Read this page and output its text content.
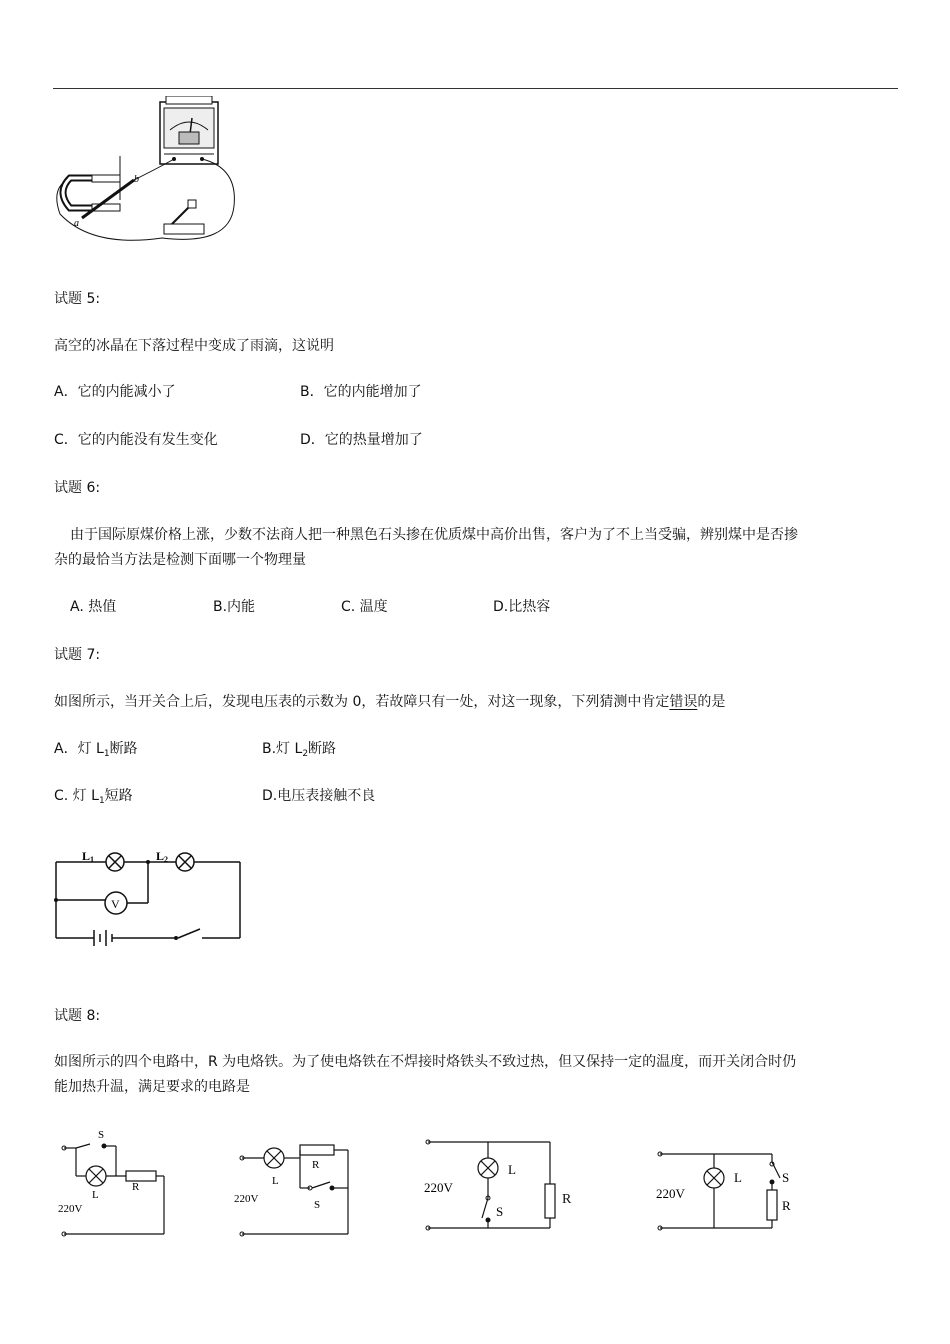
a
b
试题 5:
高空的冰晶在下落过程中变成了雨滴，这说明
A．它的内能减小了	B．它的内能增加了
C．它的内能没有发生变化	D．它的热量增加了
试题 6:
由于国际原煤价格上涨，少数不法商人把一种黑色石头掺在优质煤中高价出售，客户为了不上当受骗，辨别煤中是否掺
杂的最恰当方法是检测下面哪一个物理量
A. 热值	B.内能	C. 温度	D.比热容
试题 7:
如图所示，当开关合上后，发现电压表的示数为 0，若故障只有一处，对这一现象，下列猜测中肯定错误的是
A．灯 $L_1$断路	B.灯 $L_2$断路
C. 灯 $L_1$短路	D.电压表接触不良
L1	L2
V
试题 8:
如图所示的四个电路中，R 为电烙铁。为了使电烙铁在不焊接时烙铁头不致过热，但又保持一定的温度，而开关闭合时仍
能加热升温，满足要求的电路是
S
L
R
220V
L
R
S
220V
L
S
220V
R
L	S
R
220V
